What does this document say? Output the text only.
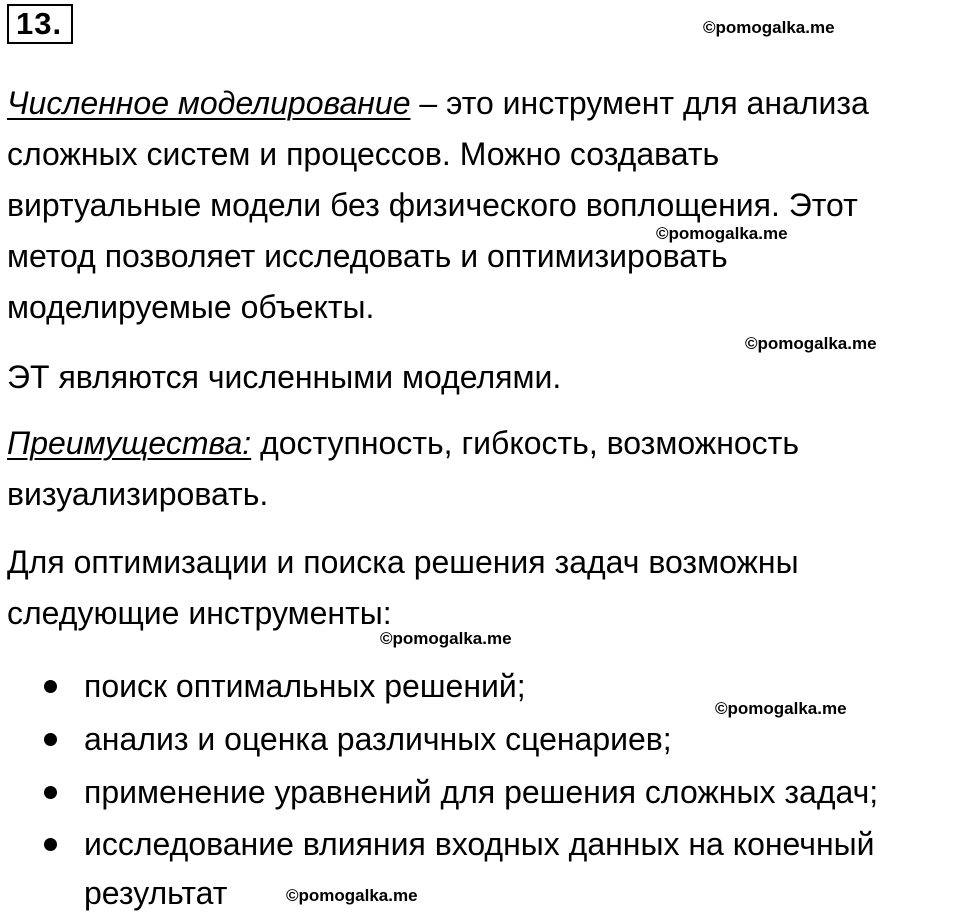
13.	©pomogalka.me

Численное моделирование – это инструмент для анализа

сложных систем и процессов. Можно создавать

виртуальные модели без физического воплощения. Этот

метод позволяет исследовать и оптимизировать

моделируемые объекты.

©pomogalka.me
©pomogalka.me

ЭТ являются численными моделями.

Преимущества: доступность, гибкость, возможность

визуализировать.

Для оптимизации и поиска решения задач возможны

следующие инструменты:

©pomogalka.me
поиск оптимальных решений;
анализ и оценка различных сценариев;
применение уравнений для решения сложных задач;
исследование влияния входных данных на конечный
результат
©pomogalka.me
©pomogalka.me
